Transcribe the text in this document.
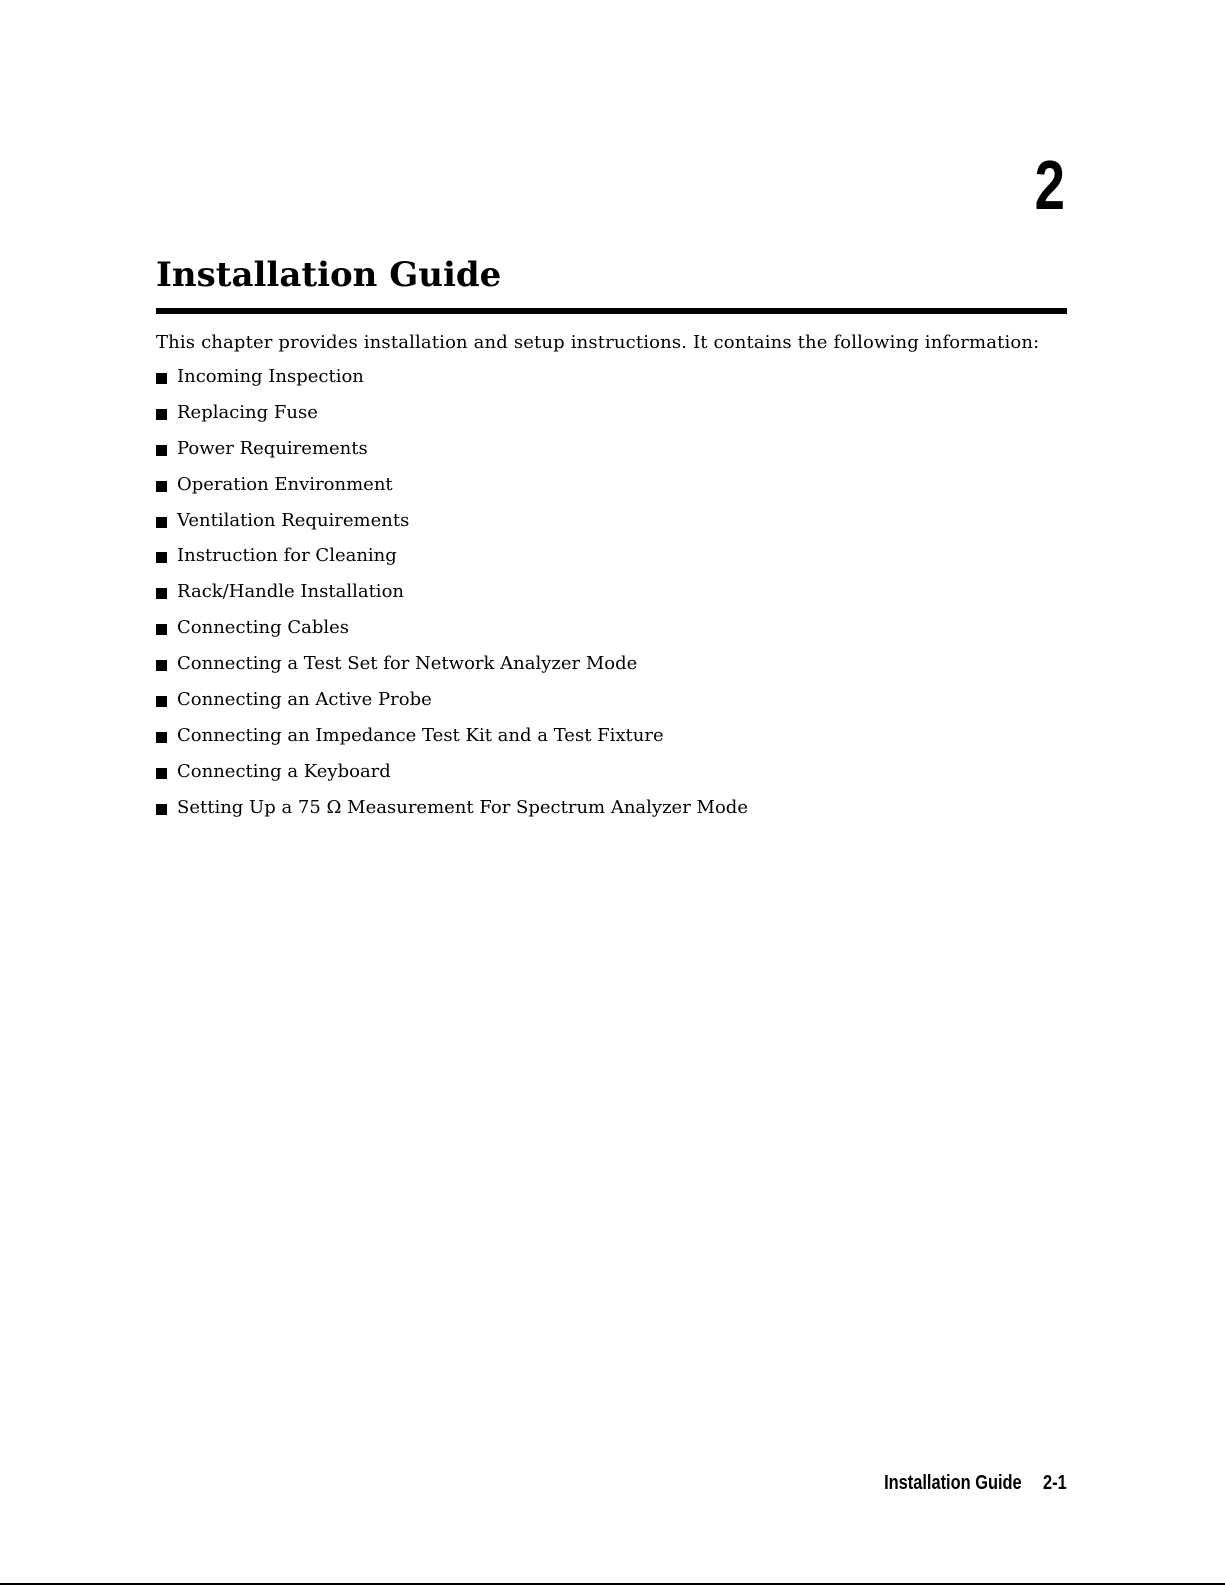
2
Installation Guide

This chapter provides installation and setup instructions. It contains the following information:

Incoming Inspection
Replacing Fuse
Power Requirements
Operation Environment
Ventilation Requirements
Instruction for Cleaning
Rack/Handle Installation
Connecting Cables
Connecting a Test Set for Network Analyzer Mode
Connecting an Active Probe
Connecting an Impedance Test Kit and a Test Fixture
Connecting a Keyboard
Setting Up a 75 Ω Measurement For Spectrum Analyzer Mode
Installation Guide 2-1
